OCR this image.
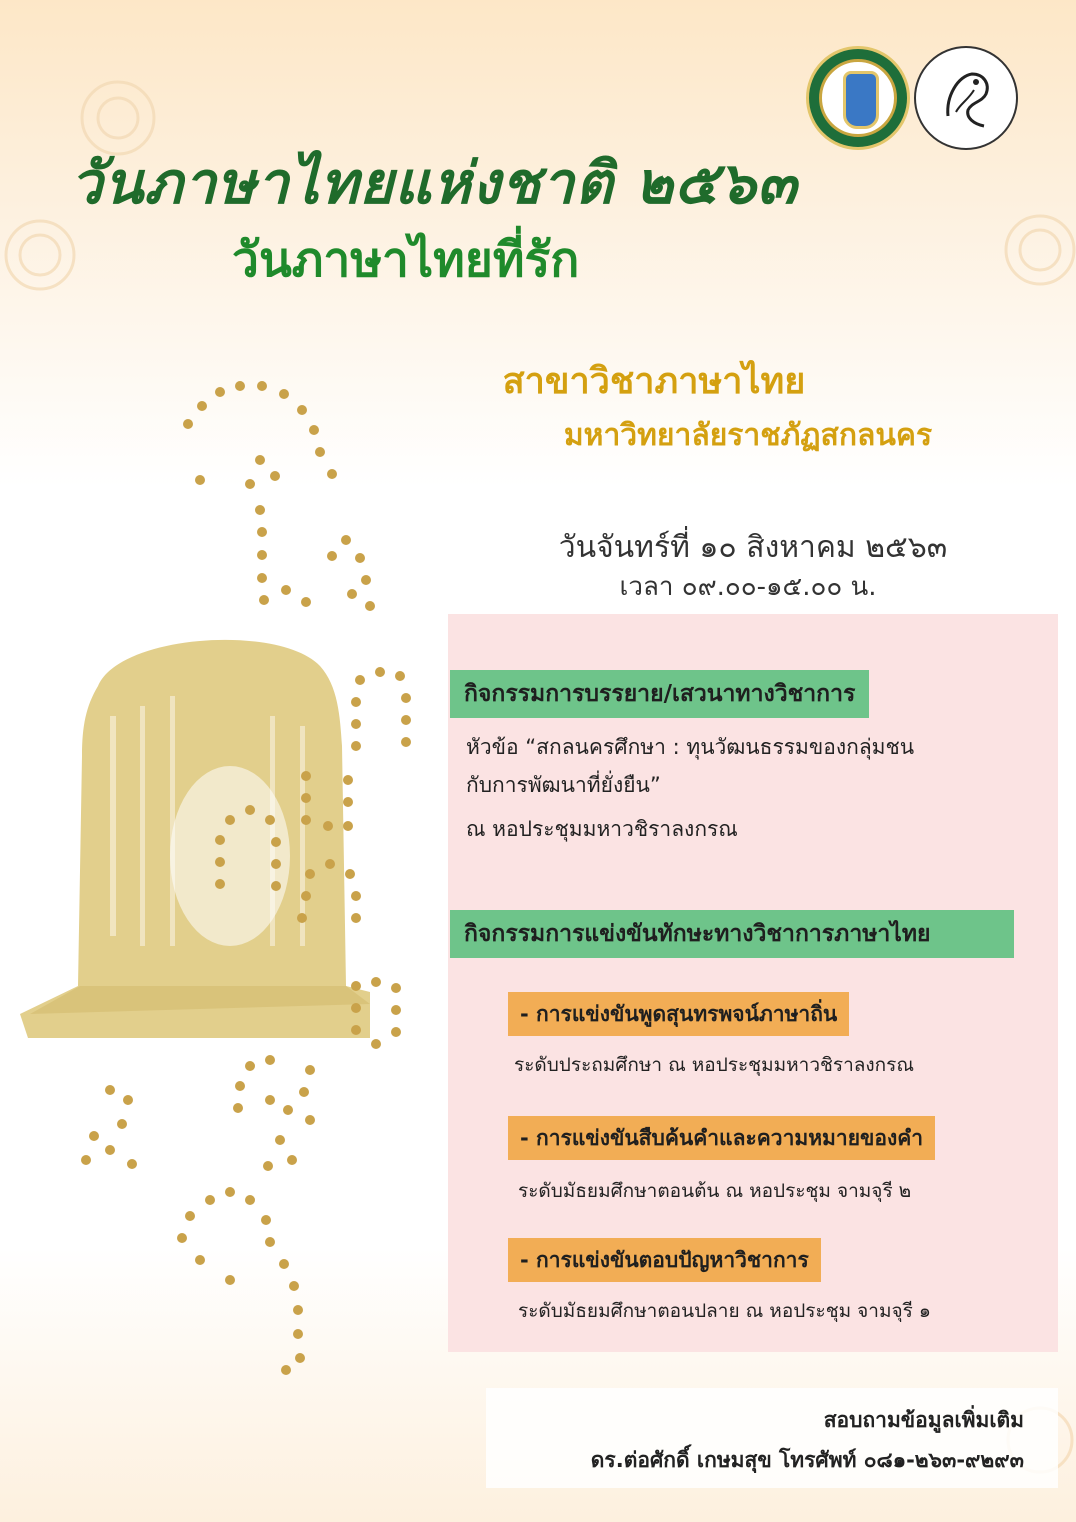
วันภาษาไทยแห่งชาติ ๒๕๖๓
วันภาษาไทยที่รัก
สาขาวิชาภาษาไทย
มหาวิทยาลัยราชภัฏสกลนคร
วันจันทร์ที่ ๑๐ สิงหาคม ๒๕๖๓
เวลา ๐๙.๐๐-๑๕.๐๐ น.
กิจกรรมการบรรยาย/เสวนาทางวิชาการ
หัวข้อ “สกลนครศึกษา : ทุนวัฒนธรรมของกลุ่มชน
กับการพัฒนาที่ยั่งยืน”
ณ หอประชุมมหาวชิราลงกรณ
กิจกรรมการแข่งขันทักษะทางวิชาการภาษาไทย
- การแข่งขันพูดสุนทรพจน์ภาษาถิ่น
ระดับประถมศึกษา ณ หอประชุมมหาวชิราลงกรณ
- การแข่งขันสืบค้นคำและความหมายของคำ
ระดับมัธยมศึกษาตอนต้น ณ หอประชุม จามจุรี ๒
- การแข่งขันตอบปัญหาวิชาการ
ระดับมัธยมศึกษาตอนปลาย ณ หอประชุม จามจุรี ๑
สอบถามข้อมูลเพิ่มเติม
ดร.ต่อศักดิ์ เกษมสุข โทรศัพท์ ๐๘๑-๒๖๓-๙๒๙๓
